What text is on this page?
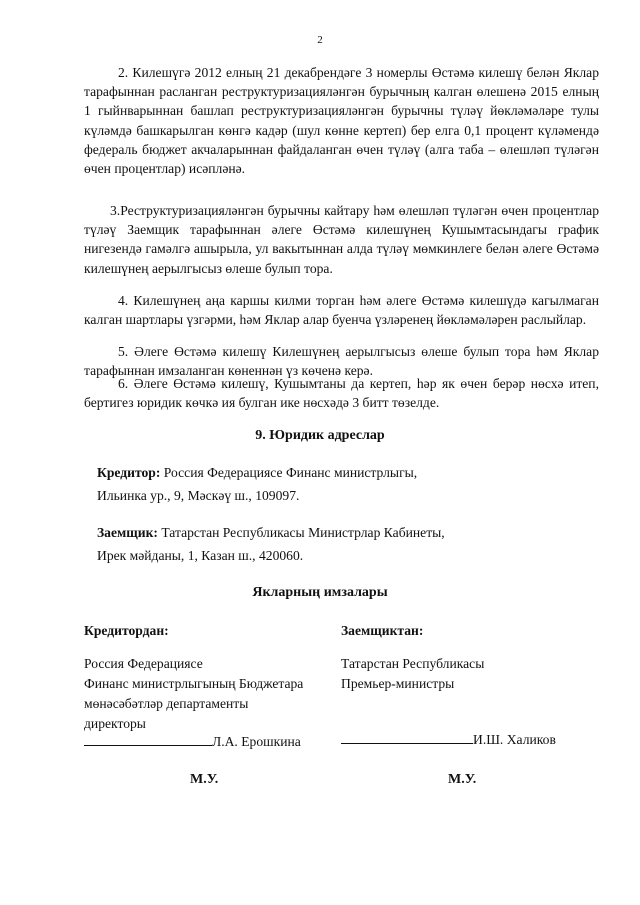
2

2. Килешүгә 2012 елның 21 декабрендәге 3 номерлы Өстәмә килешү белән Яклар тарафыннан расланган реструктуризацияләнгән бурычның калган өлешенә 2015 елның 1 гыйнварыннан башлап реструктуризацияләнгән бурычны түләү йөкләмәләре тулы күләмдә башкарылган көнгә кадәр (шул көнне кертеп) бер елга 0,1 процент күләмендә федераль бюджет акчаларыннан файдаланган өчен түләү (алга таба – өлешләп түләгән өчен процентлар) исәпләнә.

3.Реструктуризацияләнгән бурычны кайтару һәм өлешләп түләгән өчен процентлар түләү Заемщик тарафыннан әлеге Өстәмә килешүнең Кушымтасындагы график нигезендә гамәлгә ашырыла, ул вакытыннан алда түләү мөмкинлеге белән әлеге Өстәмә килешүнең аерылгысыз өлеше булып тора.

4. Килешүнең аңа каршы килми торган һәм әлеге Өстәмә килешүдә кагылмаган калган шартлары үзгәрми, һәм Яклар алар буенча үзләренең йөкләмәләрен раслыйлар.

5. Әлеге Өстәмә килешү Килешүнең аерылгысыз өлеше булып тора һәм Яклар тарафыннан имзаланган көненнән үз көченә керә.

6. Әлеге Өстәмә килешү, Кушымтаны да кертеп, һәр як өчен берәр нөсхә итеп, бертигез юридик көчкә ия булган ике нөсхәдә 3 битт төзелде.

9. Юридик адреслар
Кредитор: Россия Федерациясе Финанс министрлыгы,
Ильинка ур., 9, Мәскәү ш., 109097.
Заемщик: Татарстан Республикасы Министрлар Кабинеты,
Ирек мәйданы, 1, Казан ш., 420060.
Якларның имзалары
Кредитордан:
Россия Федерациясе
Финанс министрлыгының Бюджетара
мөнәсәбәтләр департаменты
директоры
Заемщиктан:
Татарстан Республикасы
Премьер-министры
Л.А. Ерошкина	И.Ш. Халиков
М.У.	М.У.
